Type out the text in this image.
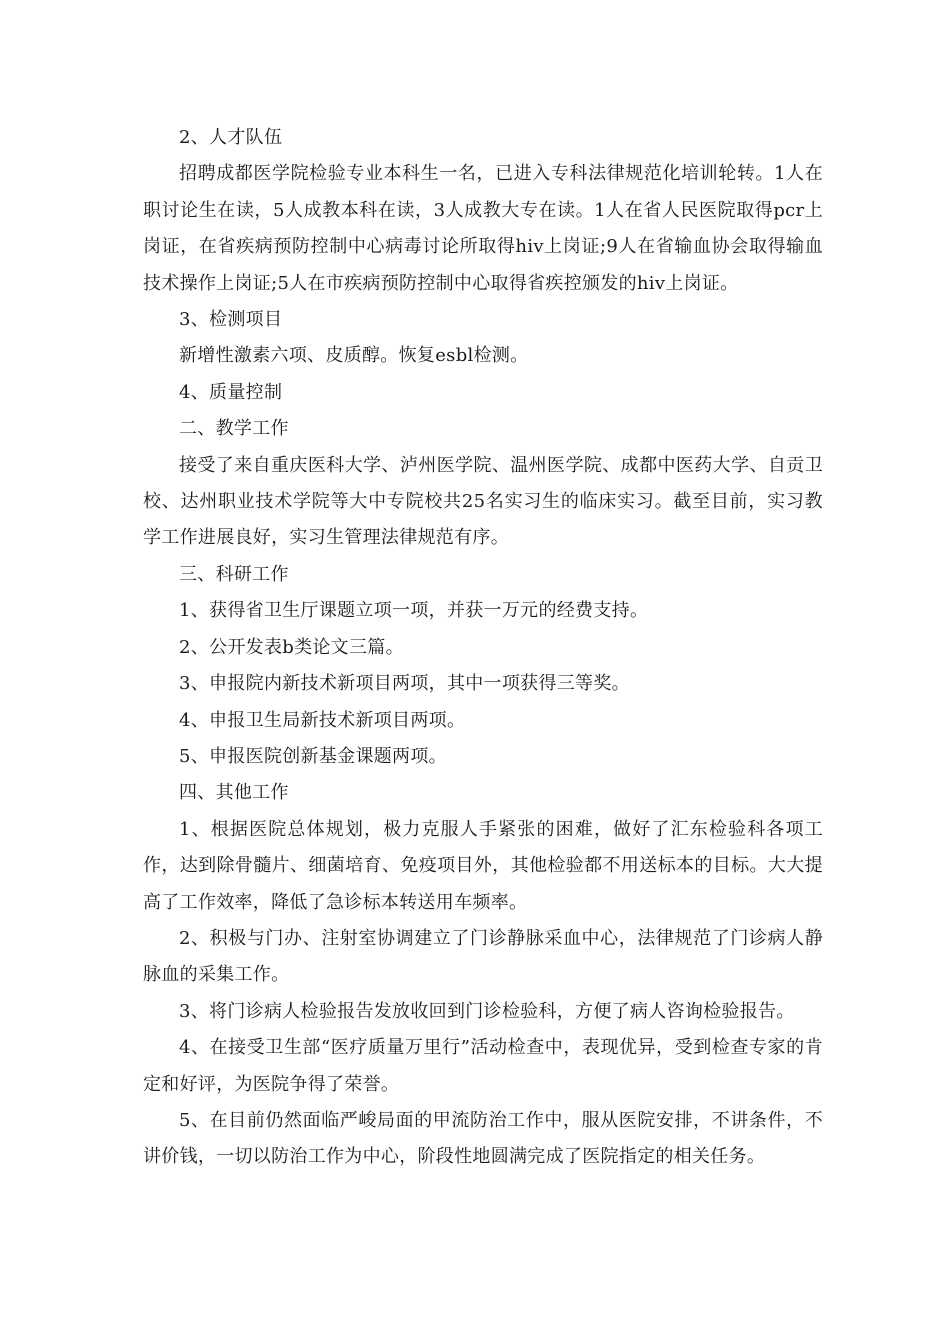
2、人才队伍

招聘成都医学院检验专业本科生一名，已进入专科法律规范化培训轮转。1人在职讨论生在读，5人成教本科在读，3人成教大专在读。1人在省人民医院取得pcr上岗证，在省疾病预防控制中心病毒讨论所取得hiv上岗证;9人在省输血协会取得输血技术操作上岗证;5人在市疾病预防控制中心取得省疾控颁发的hiv上岗证。

3、检测项目

新增性激素六项、皮质醇。恢复esbl检测。

4、质量控制

二、教学工作

接受了来自重庆医科大学、泸州医学院、温州医学院、成都中医药大学、自贡卫校、达州职业技术学院等大中专院校共25名实习生的临床实习。截至目前，实习教学工作进展良好，实习生管理法律规范有序。

三、科研工作

1、获得省卫生厅课题立项一项，并获一万元的经费支持。

2、公开发表b类论文三篇。

3、申报院内新技术新项目两项，其中一项获得三等奖。

4、申报卫生局新技术新项目两项。

5、申报医院创新基金课题两项。

四、其他工作

1、根据医院总体规划，极力克服人手紧张的困难，做好了汇东检验科各项工作，达到除骨髓片、细菌培育、免疫项目外，其他检验都不用送标本的目标。大大提高了工作效率，降低了急诊标本转送用车频率。

2、积极与门办、注射室协调建立了门诊静脉采血中心，法律规范了门诊病人静脉血的采集工作。

3、将门诊病人检验报告发放收回到门诊检验科，方便了病人咨询检验报告。

4、在接受卫生部“医疗质量万里行”活动检查中，表现优异，受到检查专家的肯定和好评，为医院争得了荣誉。

5、在目前仍然面临严峻局面的甲流防治工作中，服从医院安排，不讲条件，不讲价钱，一切以防治工作为中心，阶段性地圆满完成了医院指定的相关任务。
